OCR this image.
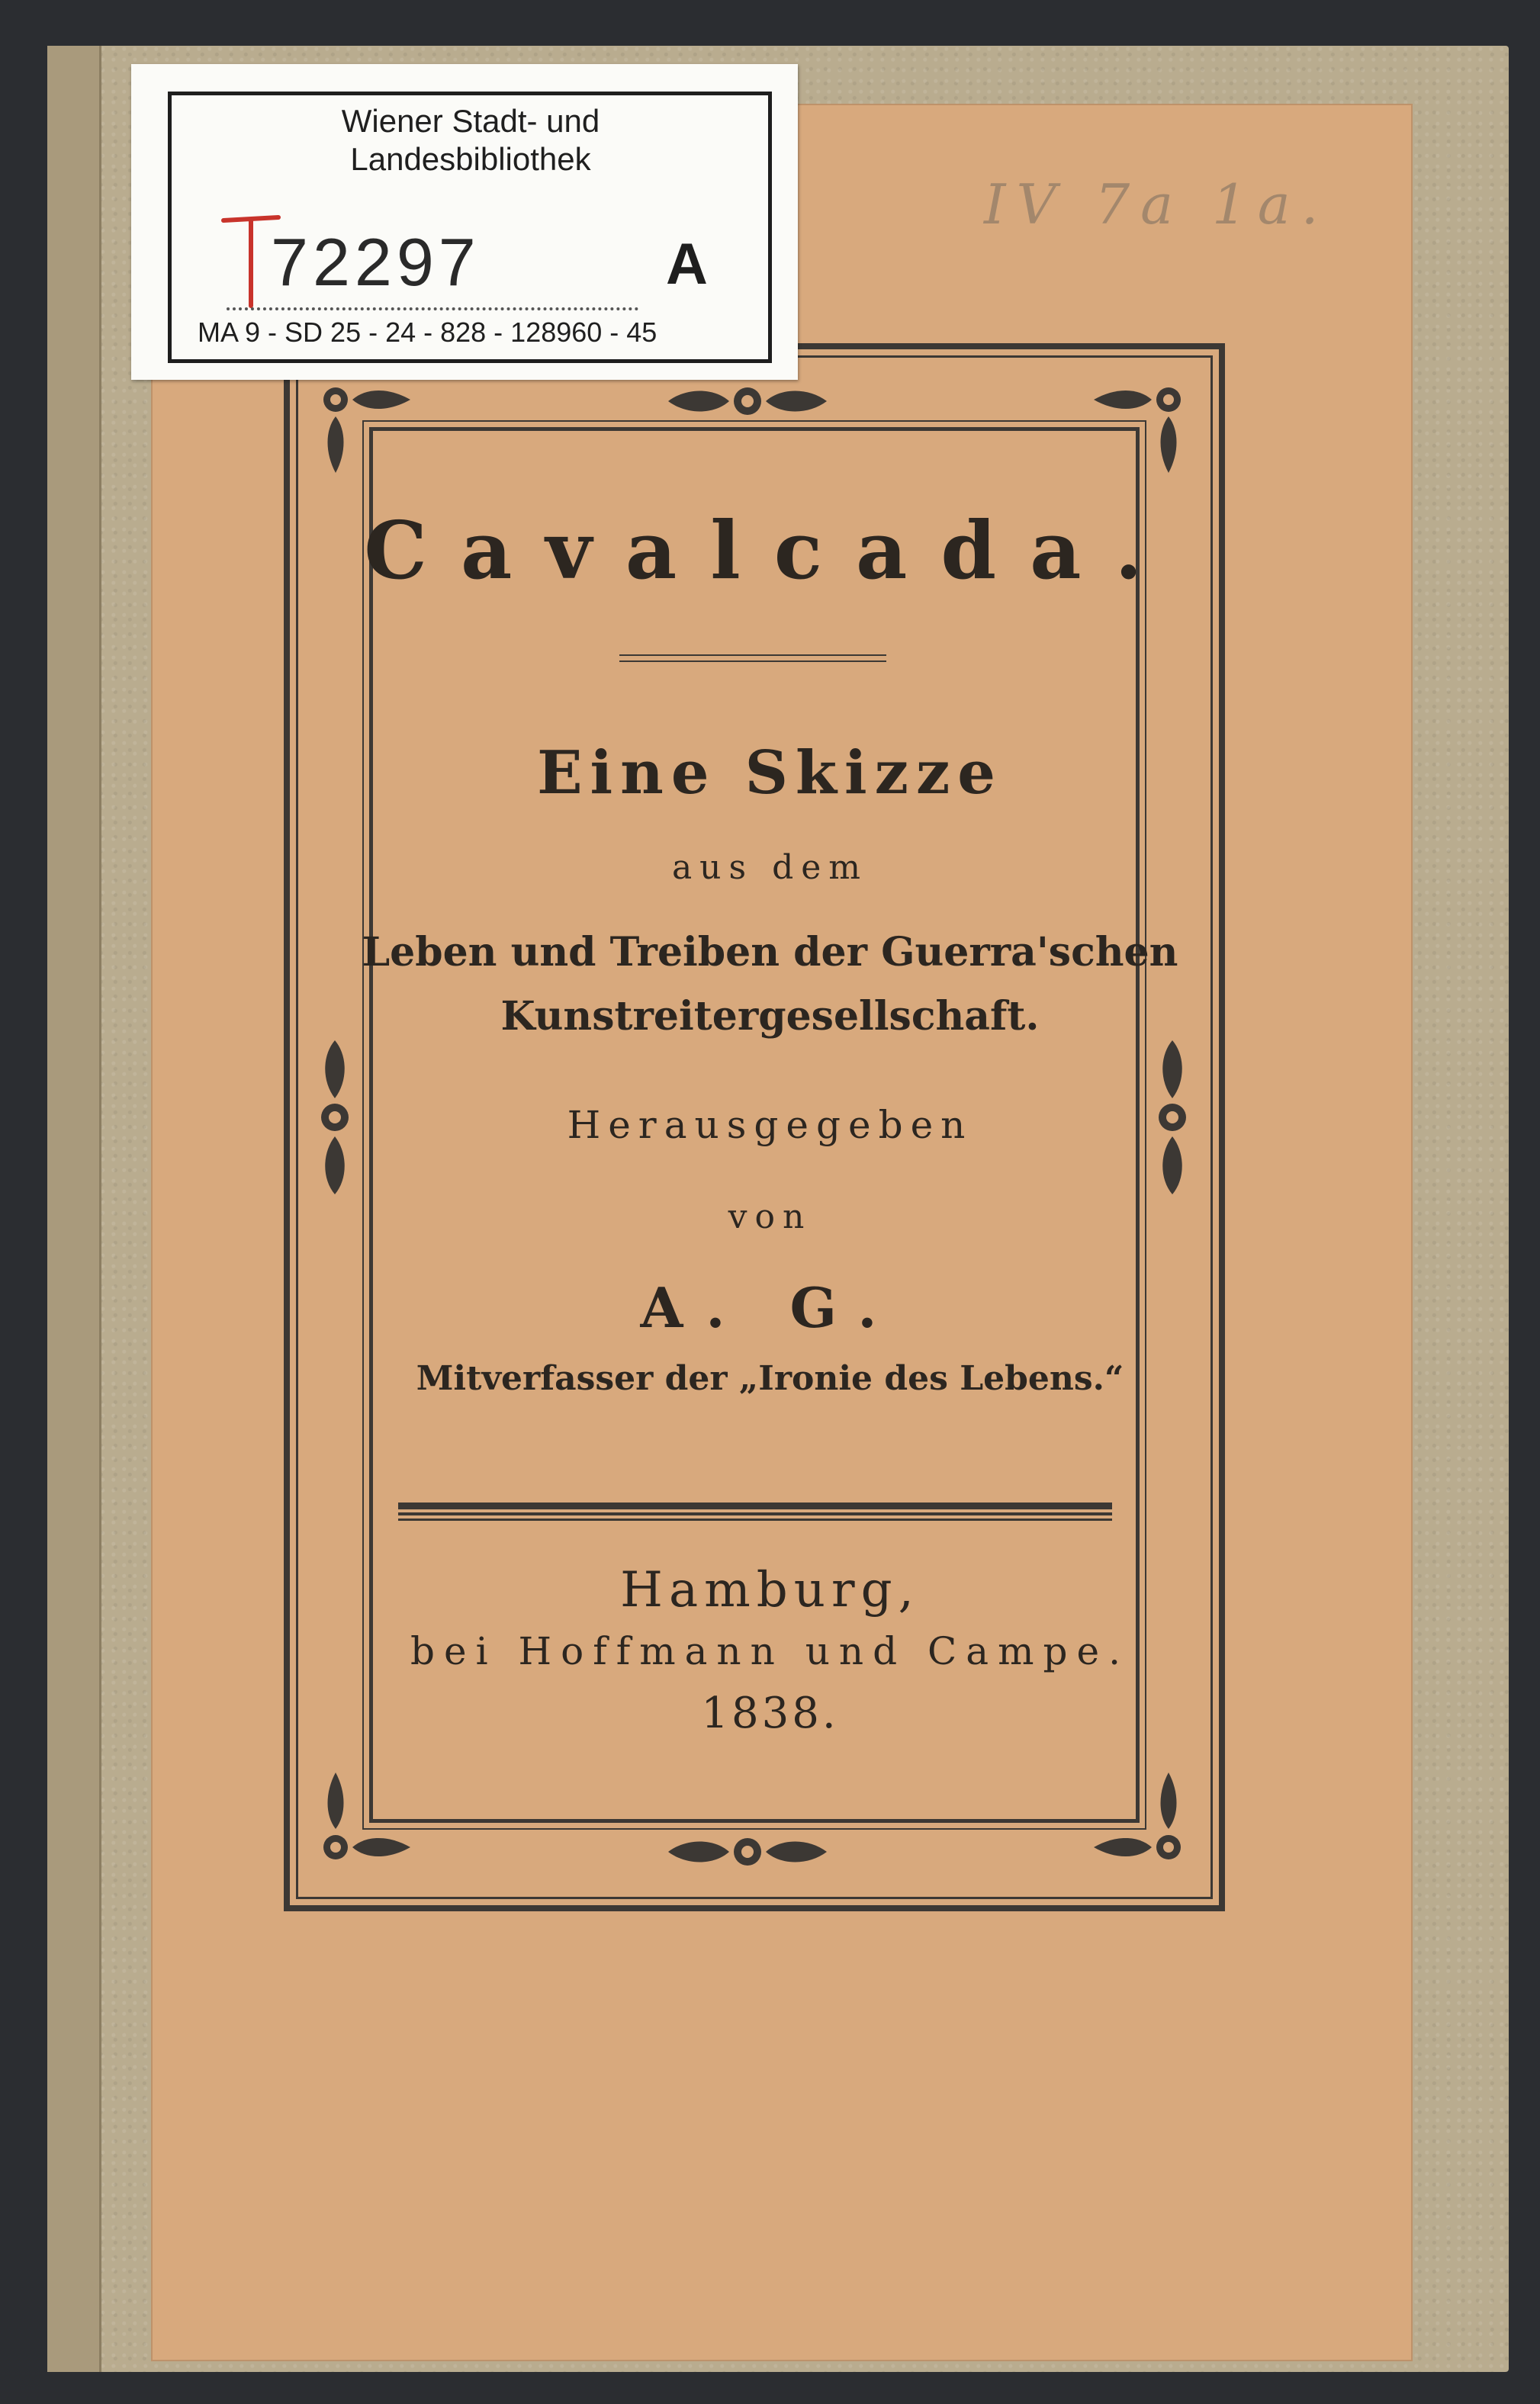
IV 7a 1a.
Cavalcada.
Eine Skizze
aus dem
Leben und Treiben der Guerra'schen
Kunstreitergesellschaft.
Herausgegeben
von
A. G.
Mitverfasser der „Ironie des Lebens.“
Hamburg,
bei Hoffmann und Campe.
1838.
Wiener Stadt- und
Landesbibliothek
72297	A
MA 9 - SD 25 - 24 - 828 - 128960 - 45
